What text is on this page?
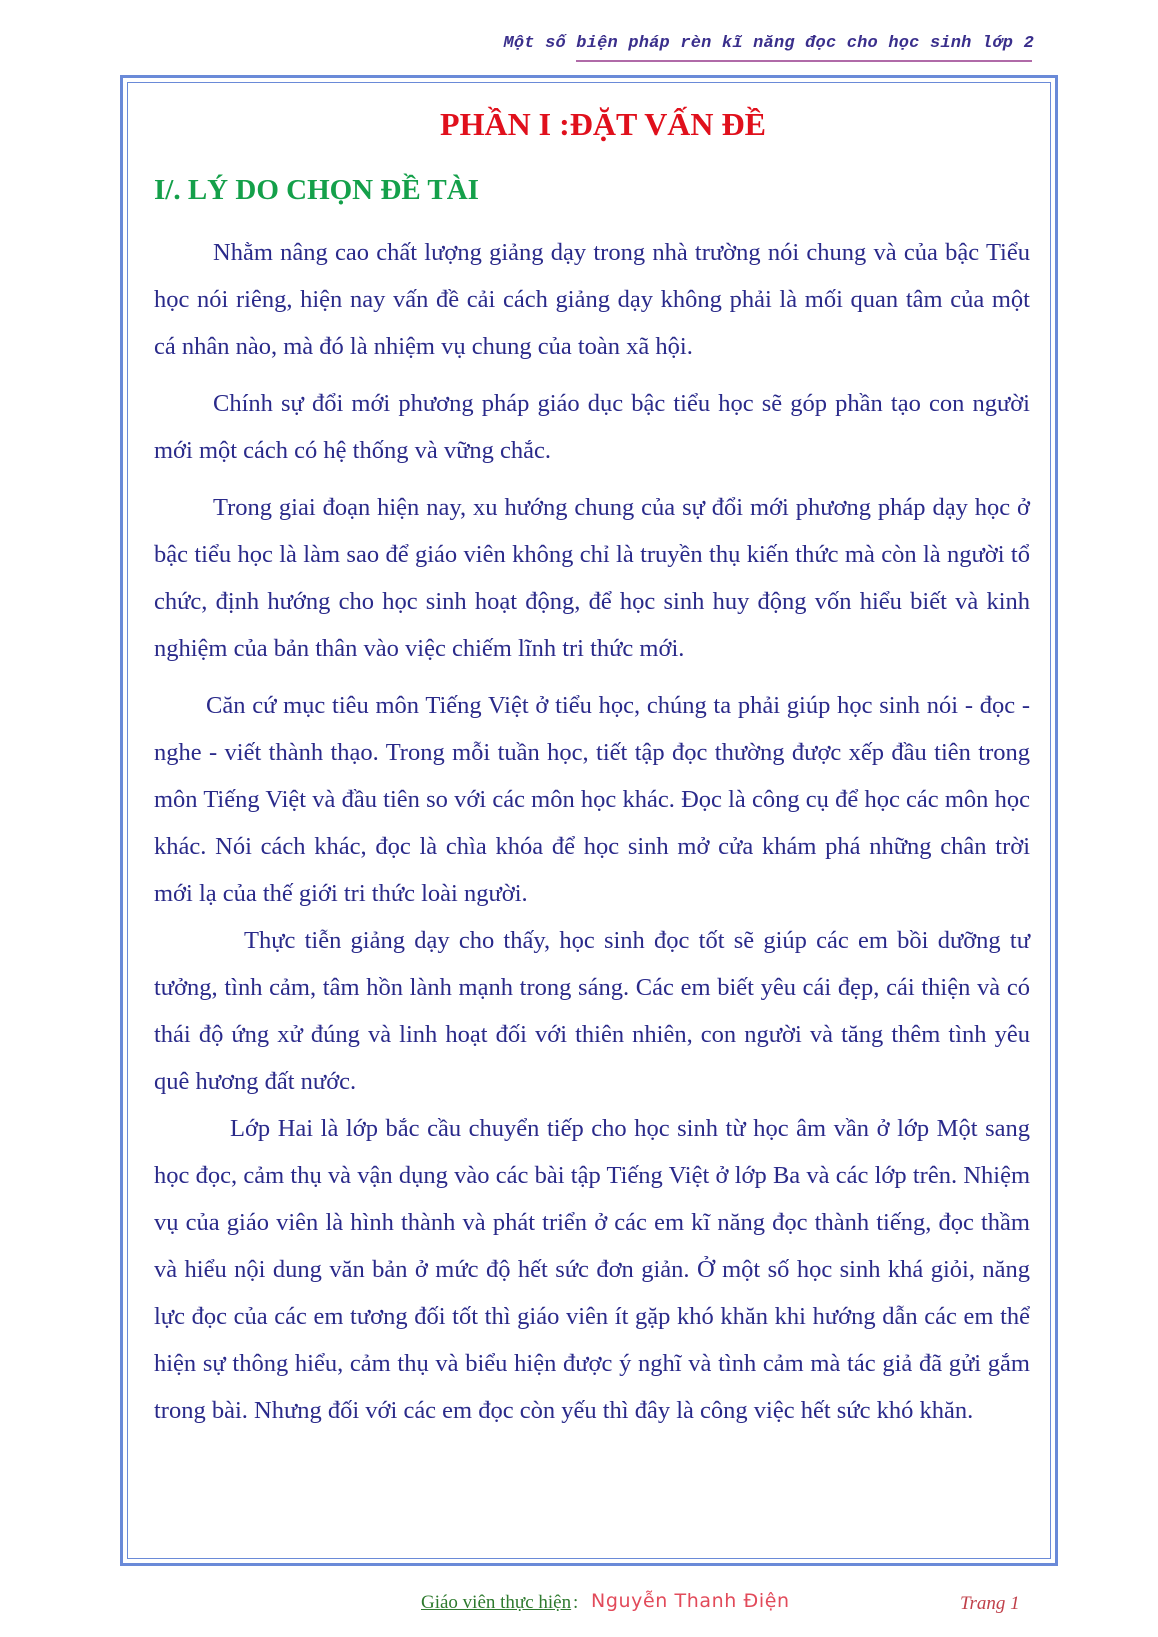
Một số biện pháp rèn kĩ năng đọc cho học sinh lớp 2
PHẦN I :ĐẶT VẤN ĐỀ
I/. LÝ DO CHỌN ĐỀ TÀI

Nhằm nâng cao chất lượng giảng dạy trong nhà trường nói chung và của bậc Tiểu học nói riêng, hiện nay vấn đề cải cách giảng dạy không phải là mối quan tâm của một cá nhân nào, mà đó là nhiệm vụ chung của toàn xã hội.

Chính sự đổi mới phương pháp giáo dục bậc tiểu học sẽ góp phần tạo con người mới một cách có hệ thống và vững chắc.

Trong giai đoạn hiện nay, xu hướng chung của sự đổi mới phương pháp dạy học ở bậc tiểu học là làm sao để giáo viên không chỉ là truyền thụ kiến thức mà còn là người tổ chức, định hướng cho học sinh hoạt động, để học sinh huy động vốn hiểu biết và kinh nghiệm của bản thân vào việc chiếm lĩnh tri thức mới.

Căn cứ mục tiêu môn Tiếng Việt ở tiểu học, chúng ta phải giúp học sinh nói - đọc - nghe - viết thành thạo. Trong mỗi tuần học, tiết tập đọc thường được xếp đầu tiên trong môn Tiếng Việt và đầu tiên so với các môn học khác. Đọc là công cụ để học các môn học khác. Nói cách khác, đọc là chìa khóa để học sinh mở cửa khám phá những chân trời mới lạ của thế giới tri thức loài người.

Thực tiễn giảng dạy cho thấy, học sinh đọc tốt sẽ giúp các em bồi dưỡng tư tưởng, tình cảm, tâm hồn lành mạnh trong sáng. Các em biết yêu cái đẹp, cái thiện và có thái độ ứng xử đúng và linh hoạt đối với thiên nhiên, con người và tăng thêm tình yêu quê hương đất nước.

Lớp Hai là lớp bắc cầu chuyển tiếp cho học sinh từ học âm vần ở lớp Một sang học đọc, cảm thụ và vận dụng vào các bài tập Tiếng Việt ở lớp Ba và các lớp trên. Nhiệm vụ của giáo viên là hình thành và phát triển ở các em kĩ năng đọc thành tiếng, đọc thầm và hiểu nội dung văn bản ở mức độ hết sức đơn giản. Ở một số học sinh khá giỏi, năng lực đọc của các em tương đối tốt thì giáo viên ít gặp khó khăn khi hướng dẫn các em thể hiện sự thông hiểu, cảm thụ và biểu hiện được ý nghĩ và tình cảm mà tác giả đã gửi gắm trong bài. Nhưng đối với các em đọc còn yếu thì đây là công việc hết sức khó khăn.

Giáo viên thực hiện : Nguyễn Thanh Điện	Trang 1
